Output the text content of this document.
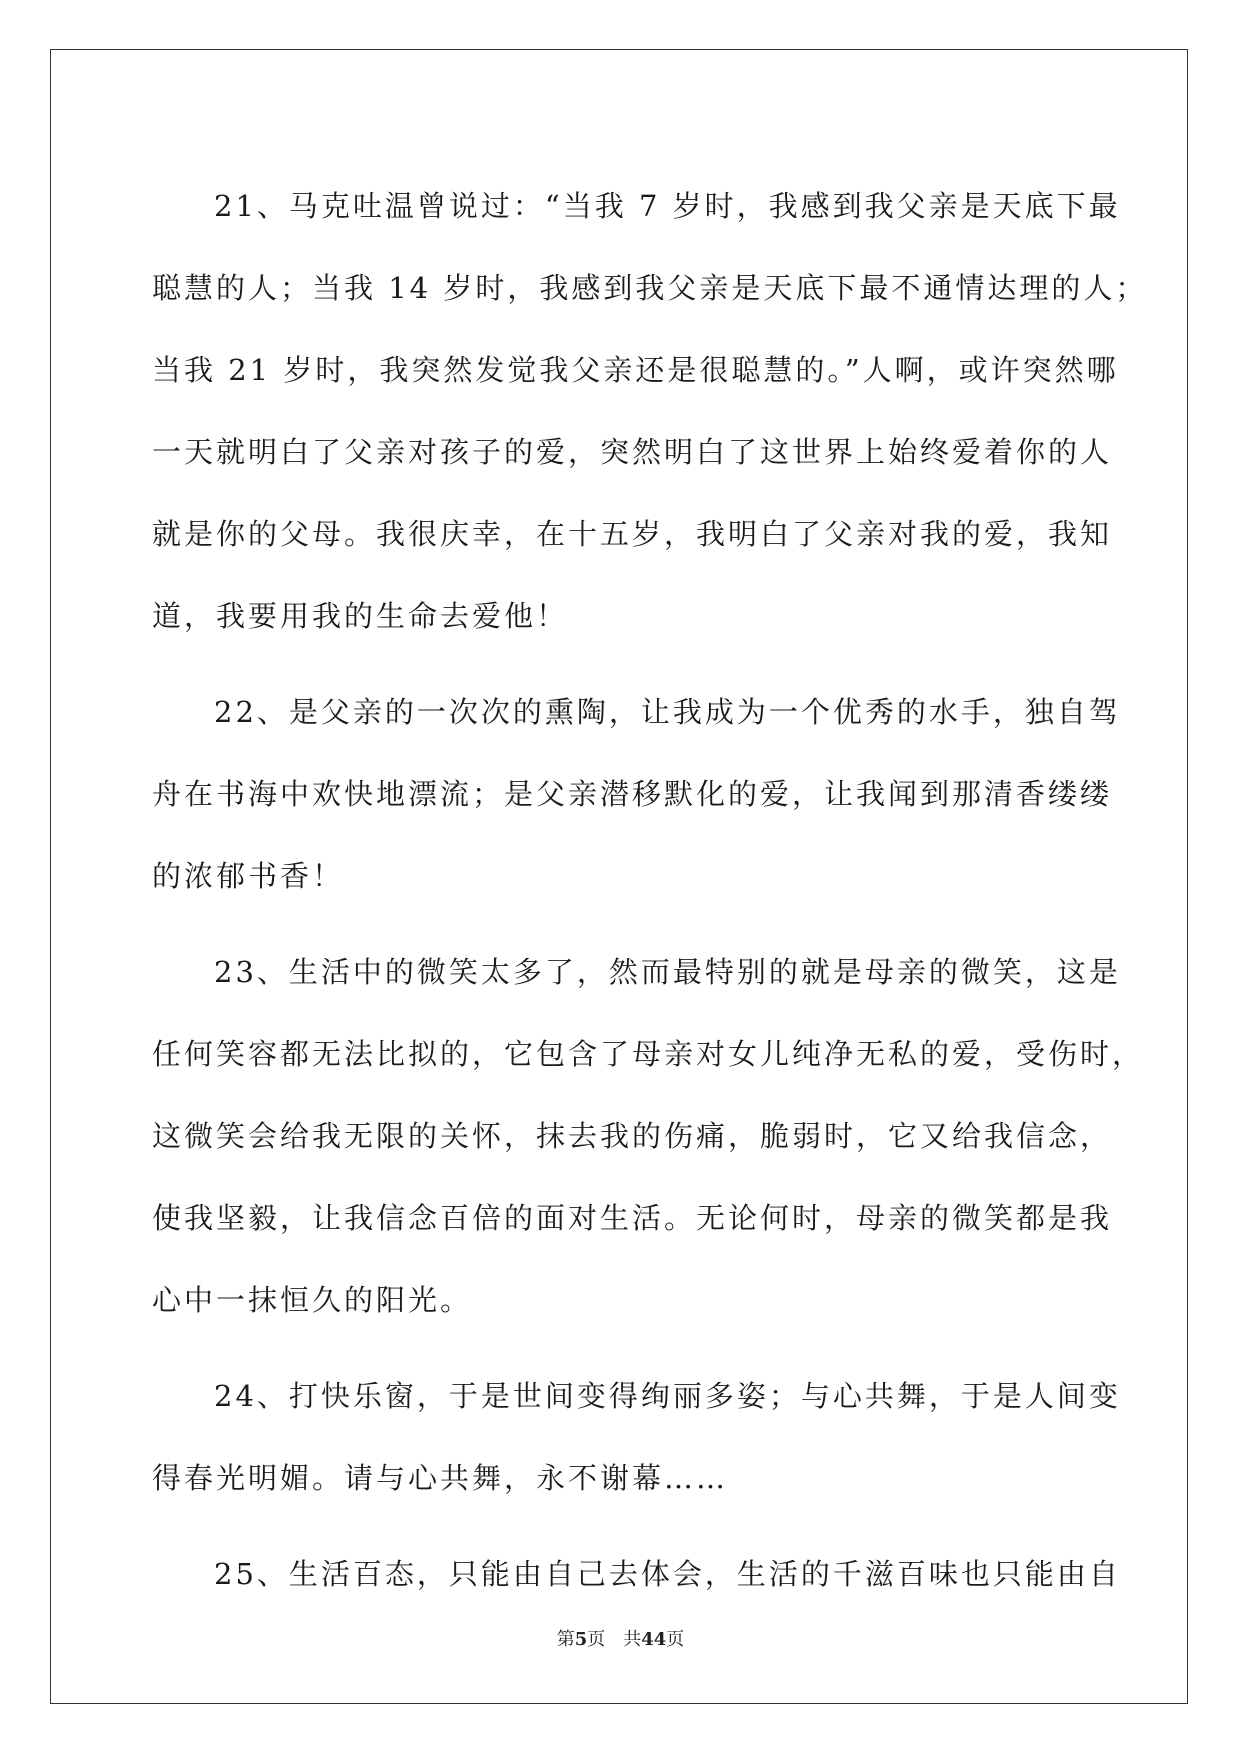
21、马克吐温曾说过：“当我 7 岁时，我感到我父亲是天底下最
聪慧的人；当我 14 岁时，我感到我父亲是天底下最不通情达理的人；
当我 21 岁时，我突然发觉我父亲还是很聪慧的。”人啊，或许突然哪
一天就明白了父亲对孩子的爱，突然明白了这世界上始终爱着你的人
就是你的父母。我很庆幸，在十五岁，我明白了父亲对我的爱，我知
道，我要用我的生命去爱他！
22、是父亲的一次次的熏陶，让我成为一个优秀的水手，独自驾
舟在书海中欢快地漂流；是父亲潜移默化的爱，让我闻到那清香缕缕
的浓郁书香！
23、生活中的微笑太多了，然而最特别的就是母亲的微笑，这是
任何笑容都无法比拟的，它包含了母亲对女儿纯净无私的爱，受伤时，
这微笑会给我无限的关怀，抹去我的伤痛，脆弱时，它又给我信念，
使我坚毅，让我信念百倍的面对生活。无论何时，母亲的微笑都是我
心中一抹恒久的阳光。
24、打快乐窗，于是世间变得绚丽多姿；与心共舞，于是人间变
得春光明媚。请与心共舞，永不谢幕……
25、生活百态，只能由自己去体会，生活的千滋百味也只能由自
第5页 共44页
